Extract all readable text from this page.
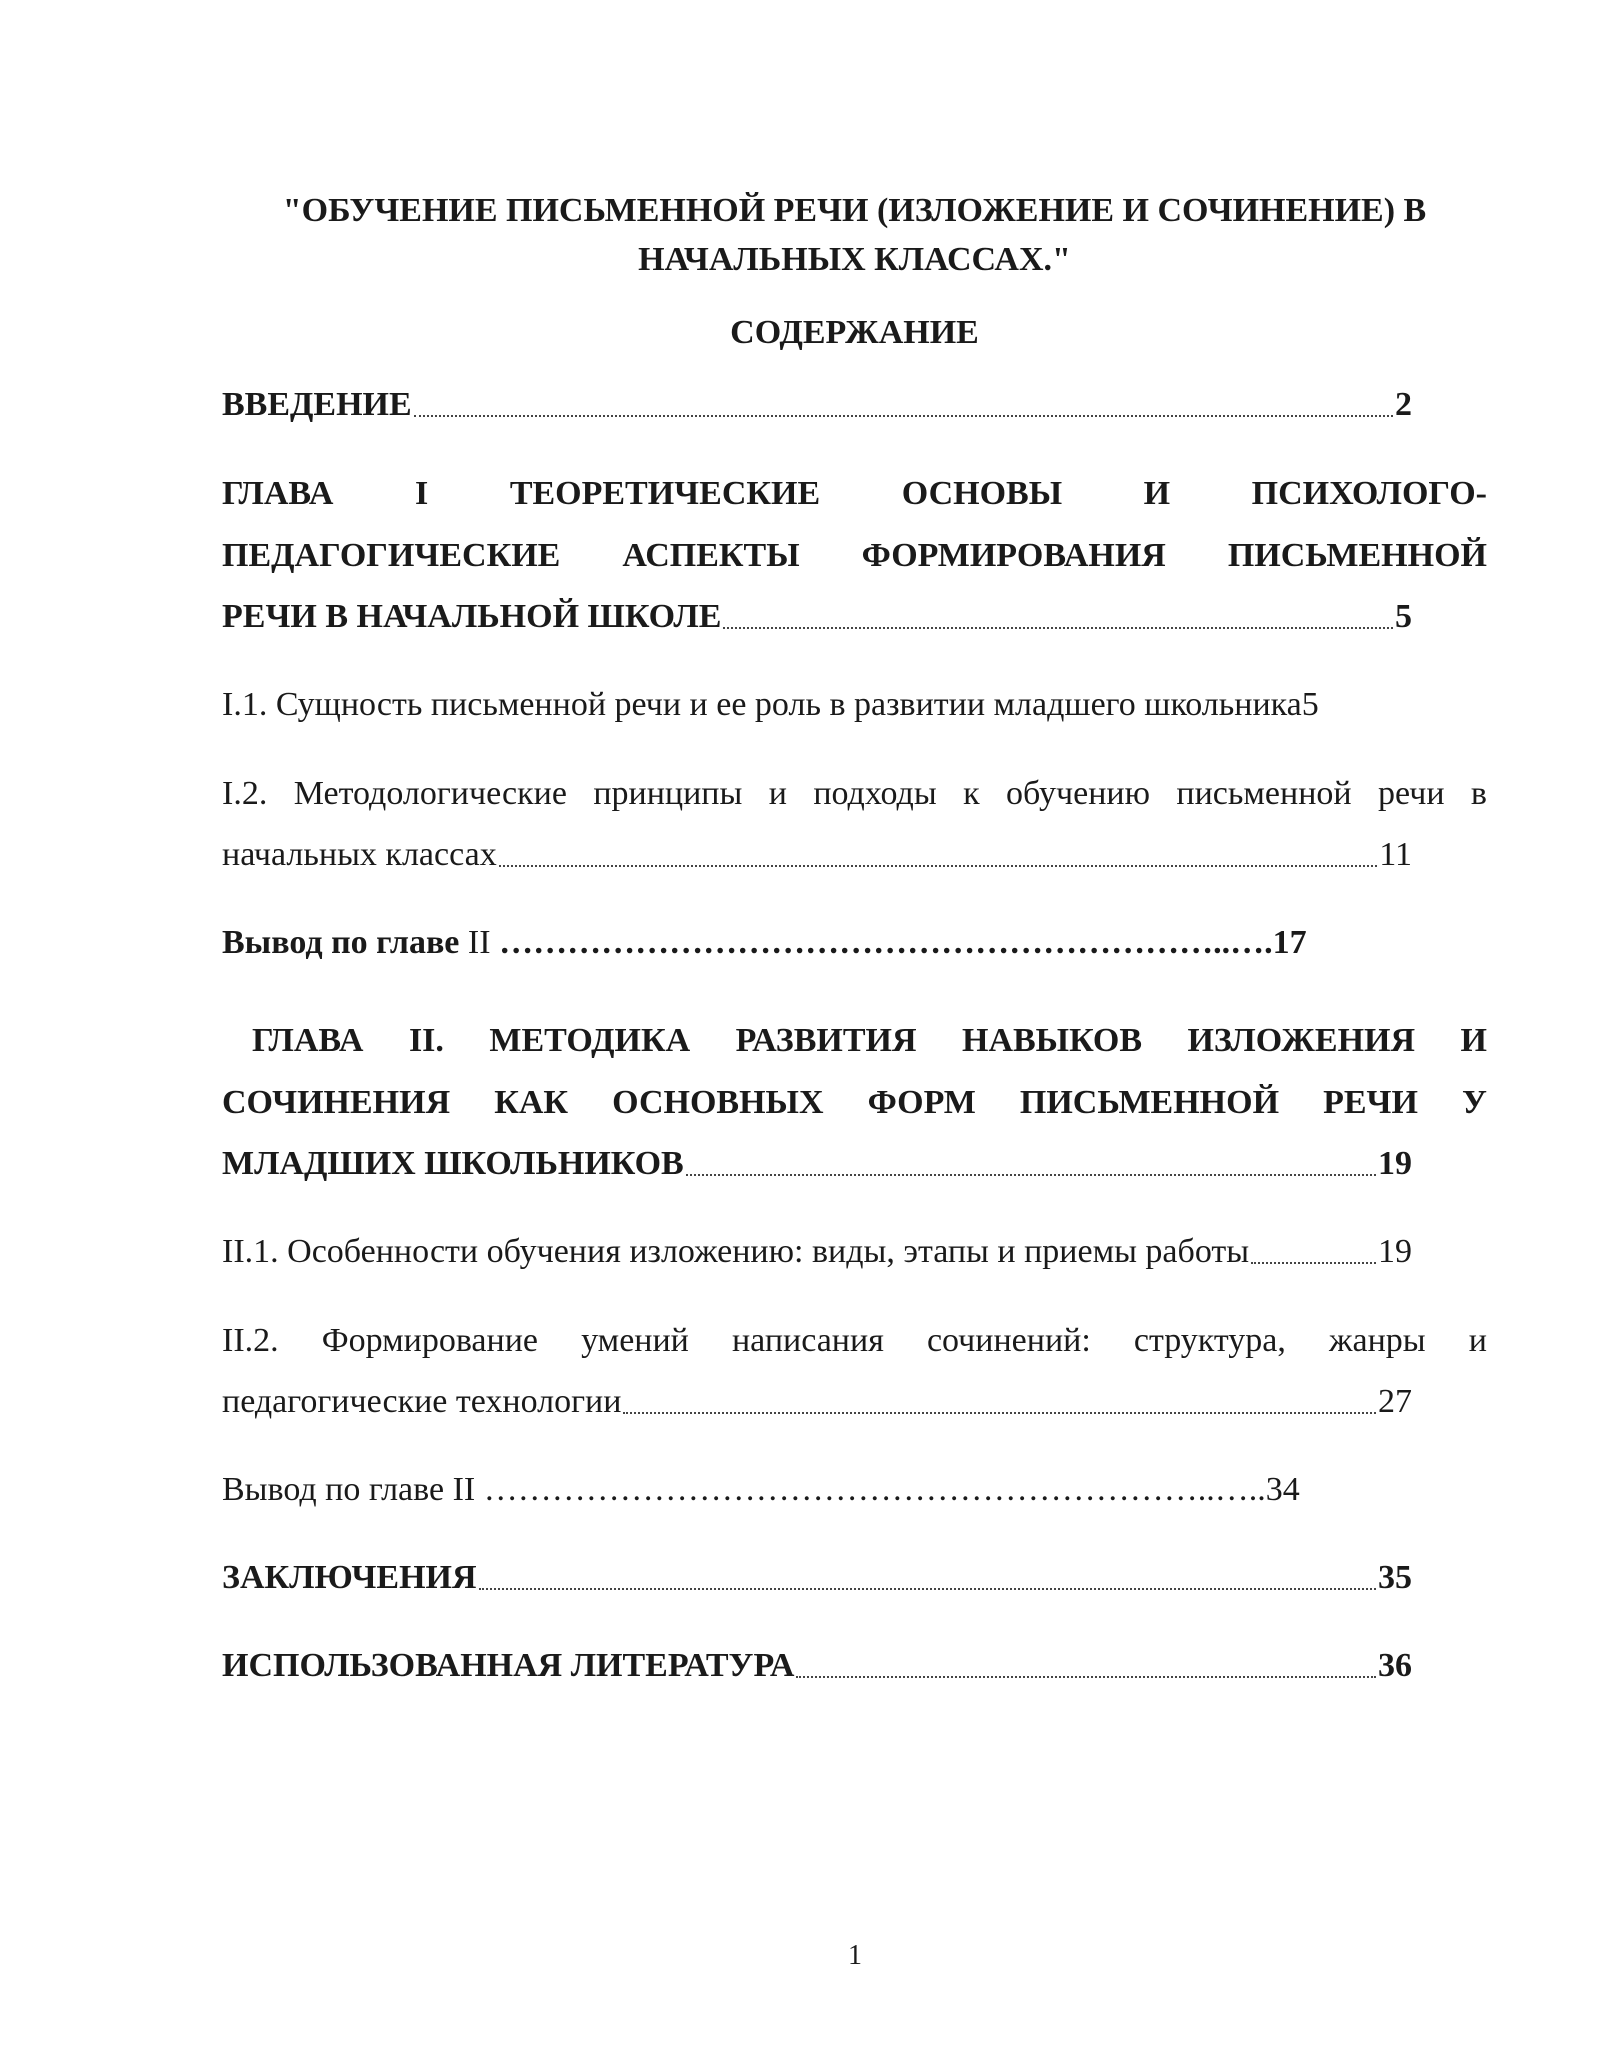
"ОБУЧЕНИЕ ПИСЬМЕННОЙ РЕЧИ (ИЗЛОЖЕНИЕ И СОЧИНЕНИЕ) В НАЧАЛЬНЫХ КЛАССАХ."
СОДЕРЖАНИЕ
ВВЕДЕНИЕ	2
ГЛАВА I ТЕОРЕТИЧЕСКИЕ ОСНОВЫ И ПСИХОЛОГО-
ПЕДАГОГИЧЕСКИЕ АСПЕКТЫ ФОРМИРОВАНИЯ ПИСЬМЕННОЙ
РЕЧИ В НАЧАЛЬНОЙ ШКОЛЕ	5
I.1. Сущность письменной речи и ее роль в развитии младшего школьника 5
I.2. Методологические принципы и подходы к обучению письменной речи в
начальных классах	11
Вывод по главе II ………………………………………………………..…. 17
ГЛАВА II. МЕТОДИКА РАЗВИТИЯ НАВЫКОВ ИЗЛОЖЕНИЯ И
СОЧИНЕНИЯ КАК ОСНОВНЫХ ФОРМ ПИСЬМЕННОЙ РЕЧИ У
МЛАДШИХ ШКОЛЬНИКОВ	19
II.1. Особенности обучения изложению: виды, этапы и приемы работы	19
II.2. Формирование умений написания сочинений: структура, жанры и
педагогические технологии	27
Вывод по главе II ………………………………………………………..….. 34
ЗАКЛЮЧЕНИЯ	35
ИСПОЛЬЗОВАННАЯ ЛИТЕРАТУРА	36
1
